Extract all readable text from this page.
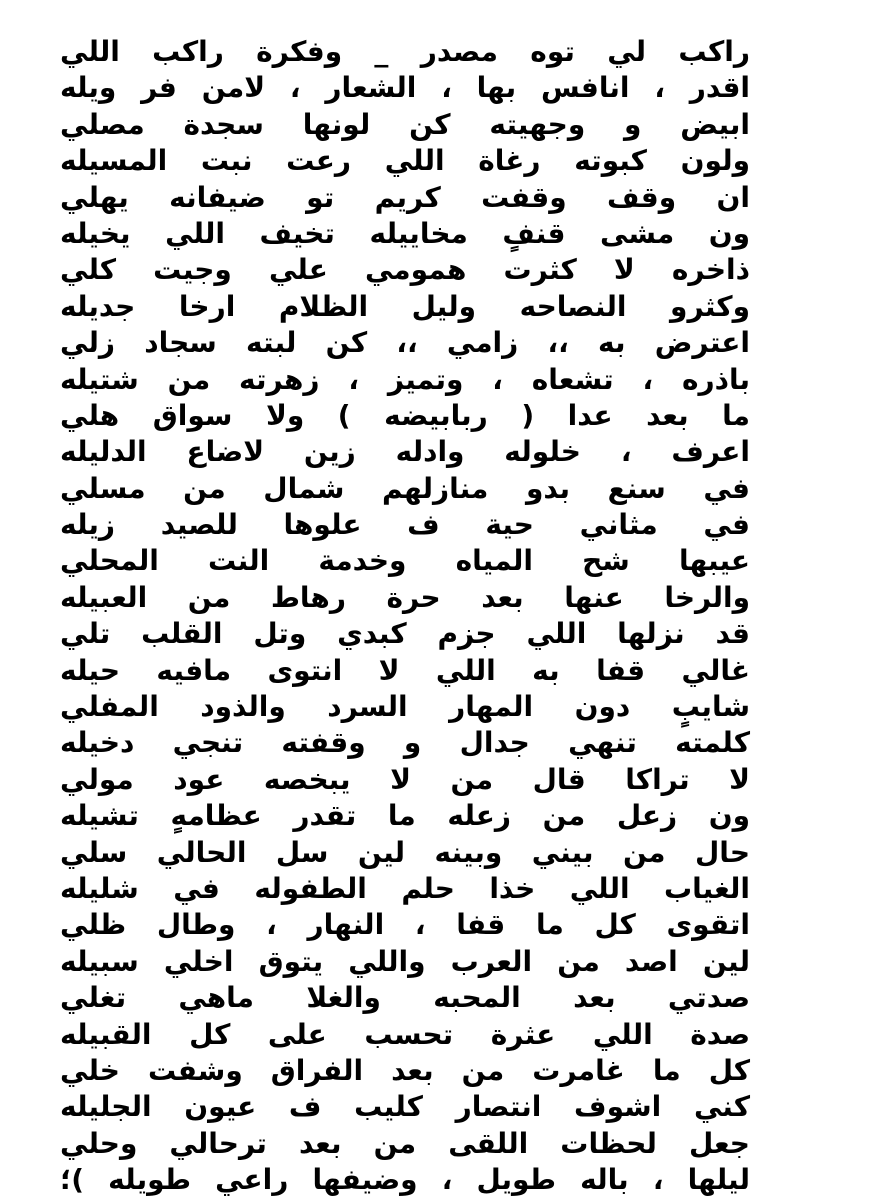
راكب لي توه مصدر _ وفكرة راكب اللي
اقدر ، انافس بها ، الشعار ، لامن فر ويله
ابيض و وجهيته كن لونها سجدة مصلي
ولون كبوته رغاة اللي رعت نبت المسيله
ان وقف وقفت كريم تو ضيفانه يهلي
ون مشى قنفٍ مخاييله تخيف اللي يخيله
ذاخره لا كثرت همومي علي وجيت كلي
وكثرو النصاحه وليل الظلام ارخا جديله
اعترض به ،، زامي ،، كن لبته سجاد زلي
باذره ، تشعاه ، وتميز ، زهرته من شتيله
ما بعد عدا ( ربابيضه ) ولا سواق هلي
اعرف ، خلوله وادله زين لاضاع الدليله
في سنع بدو منازلهم شمال من مسلي
في مثاني حية ف علوها للصيد زيله
عيبها شح المياه وخدمة النت المحلي
والرخا عنها بعد حرة رهاط من العبيله
قد نزلها اللي جزم كبدي وتل القلب تلي
غالي قفا به اللي لا انتوى مافيه حيله
شايبٍ دون المهار السرد والذود المفلي
كلمته تنهي جدال و وقفته تنجي دخيله
لا تراكا قال من لا يبخصه عود مولي
ون زعل من زعله ما تقدر عظامهٍ تشيله
حال من بيني وبينه لين سل الحالي سلي
الغياب اللي خذا حلم الطفوله في شليله
اتقوى كل ما قفا ، النهار ، وطال ظلي
لين اصد من العرب واللي يتوق اخلي سبيله
صدتي بعد المحبه والغلا ماهي تغلي
صدة اللي عثرة تحسب على كل القبيله
كل ما غامرت من بعد الفراق وشفت خلي
كني اشوف انتصار كليب ف عيون الجليله
جعل لحظات اللقى من بعد ترحالي وحلي
ليلها ، باله طويل ، وضيفها راعي طويله )؛
